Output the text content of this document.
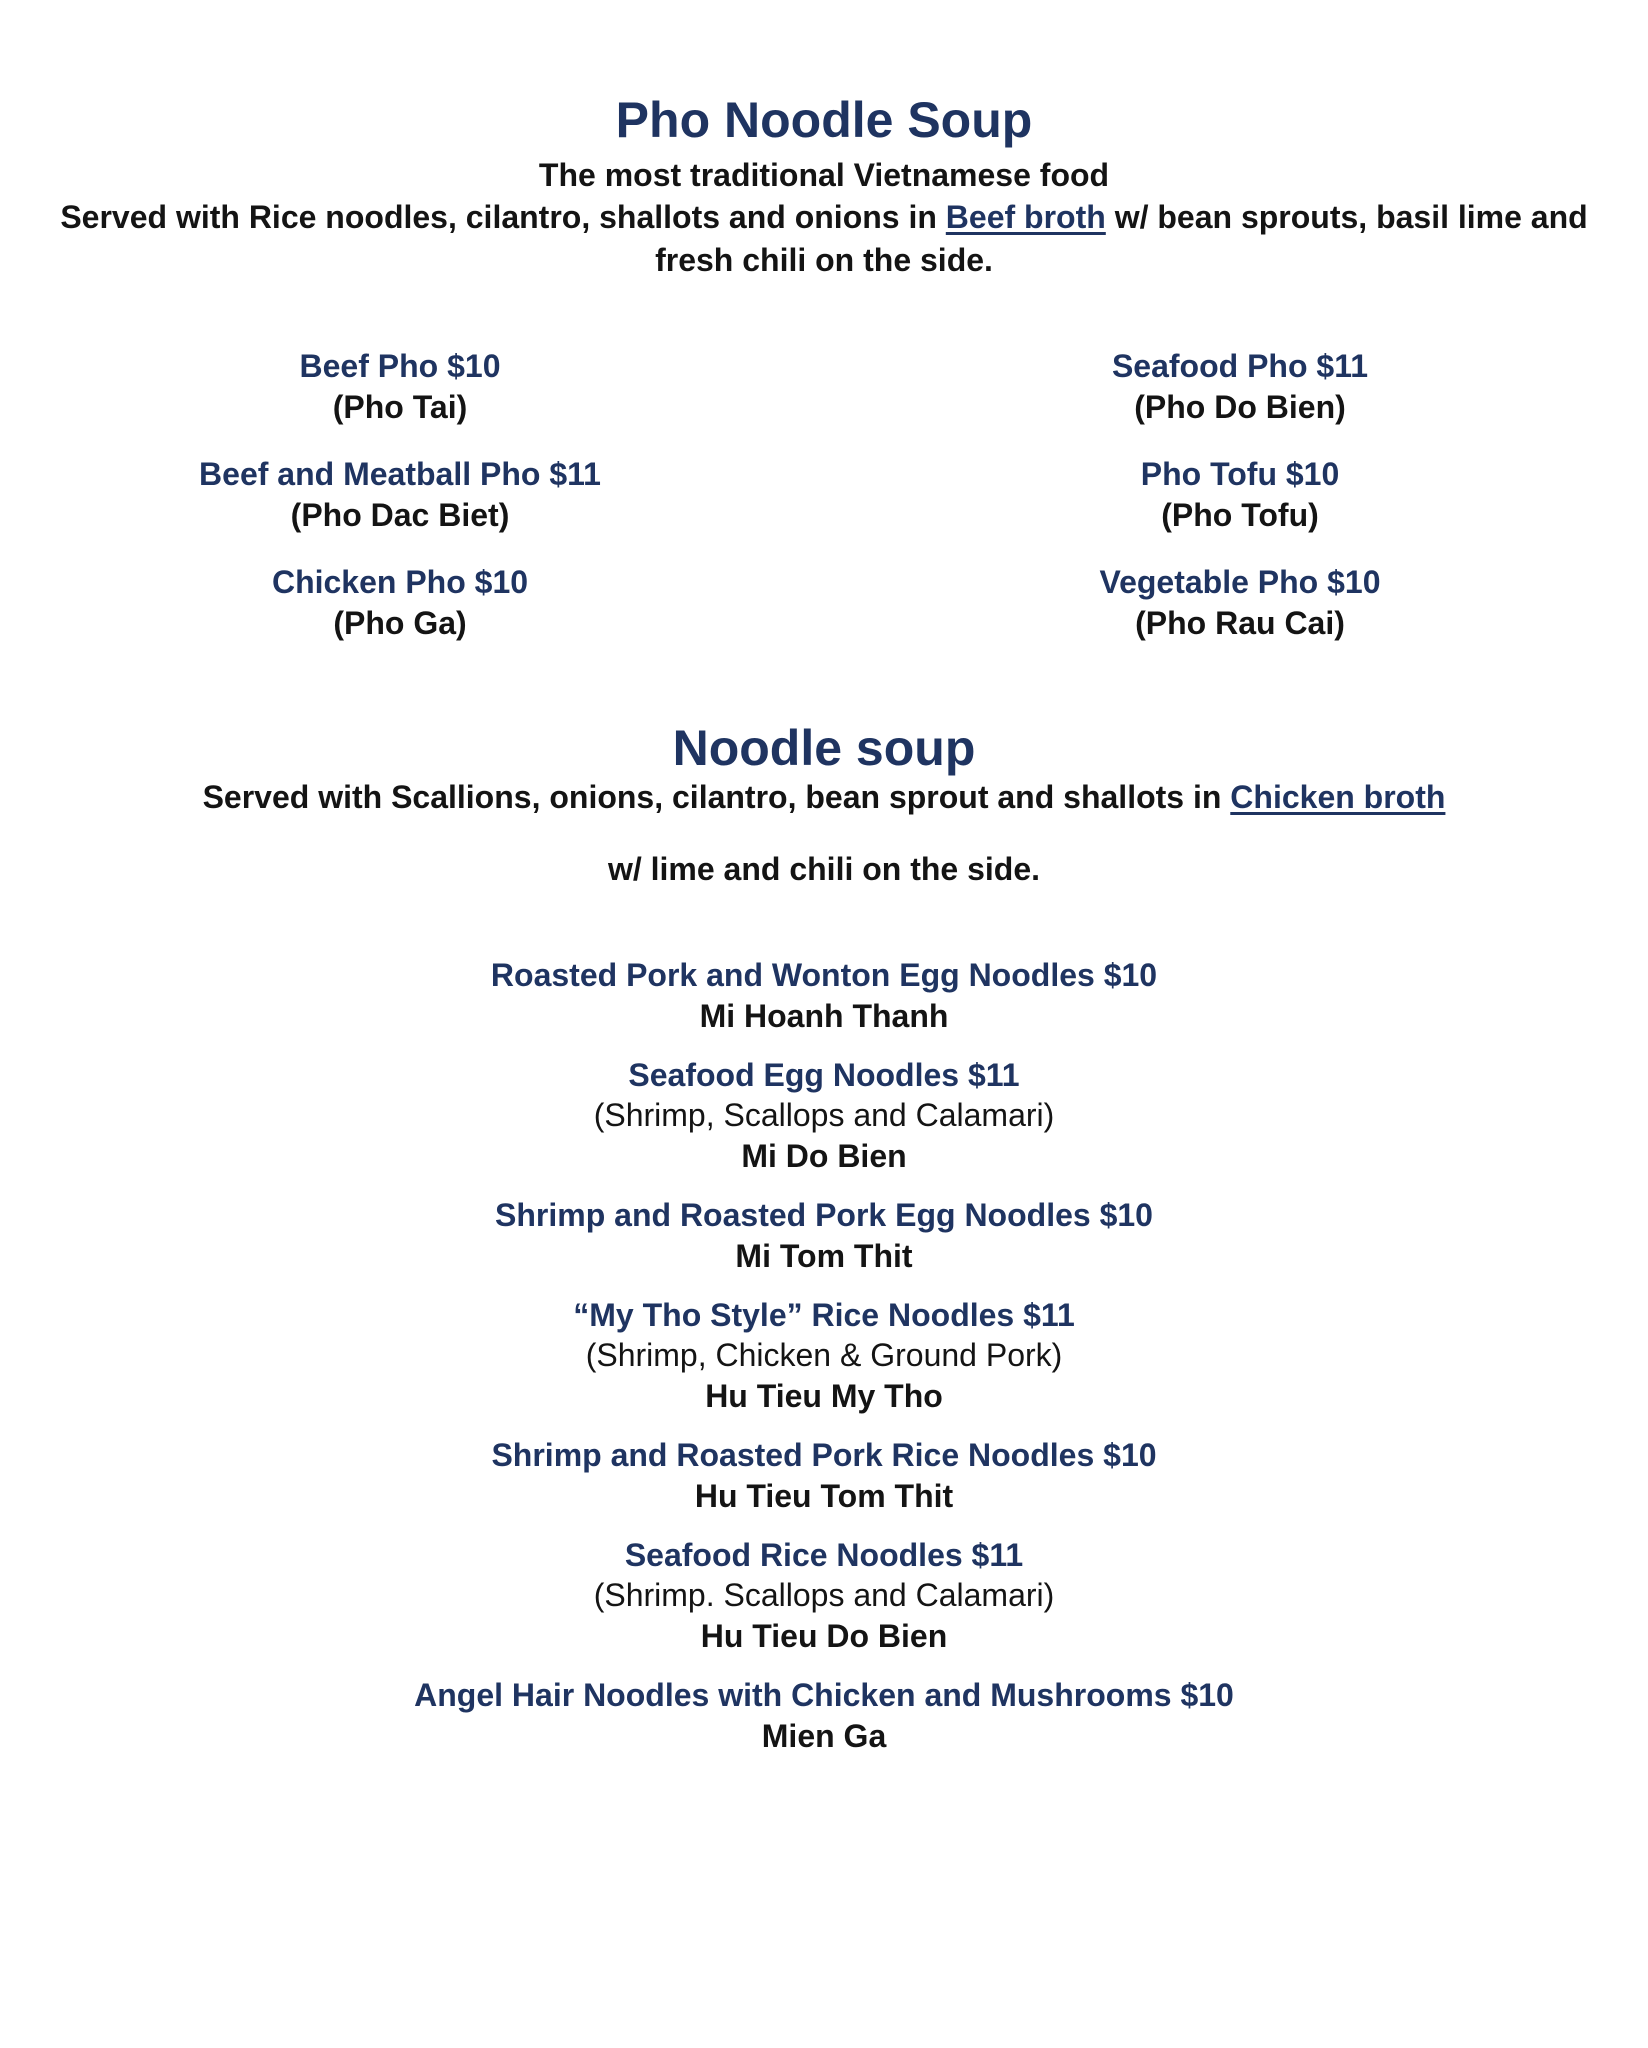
Pho Noodle Soup
The most traditional Vietnamese food
Served with Rice noodles, cilantro, shallots and onions in Beef broth w/ bean sprouts, basil lime and fresh chili on the side.
Beef Pho $10
(Pho Tai)
Beef and Meatball Pho $11
(Pho Dac Biet)
Chicken Pho $10
(Pho Ga)
Seafood Pho $11
(Pho Do Bien)
Pho Tofu $10
(Pho Tofu)
Vegetable Pho $10
(Pho Rau Cai)
Noodle soup
Served with Scallions, onions, cilantro, bean sprout and shallots in Chicken broth
w/ lime and chili on the side.
Roasted Pork and Wonton Egg Noodles $10
Mi Hoanh Thanh
Seafood Egg Noodles $11
(Shrimp, Scallops and Calamari)
Mi Do Bien
Shrimp and Roasted Pork Egg Noodles $10
Mi Tom Thit
“My Tho Style” Rice Noodles $11
(Shrimp, Chicken & Ground Pork)
Hu Tieu My Tho
Shrimp and Roasted Pork Rice Noodles $10
Hu Tieu Tom Thit
Seafood Rice Noodles $11
(Shrimp. Scallops and Calamari)
Hu Tieu Do Bien
Angel Hair Noodles with Chicken and Mushrooms $10
Mien Ga
